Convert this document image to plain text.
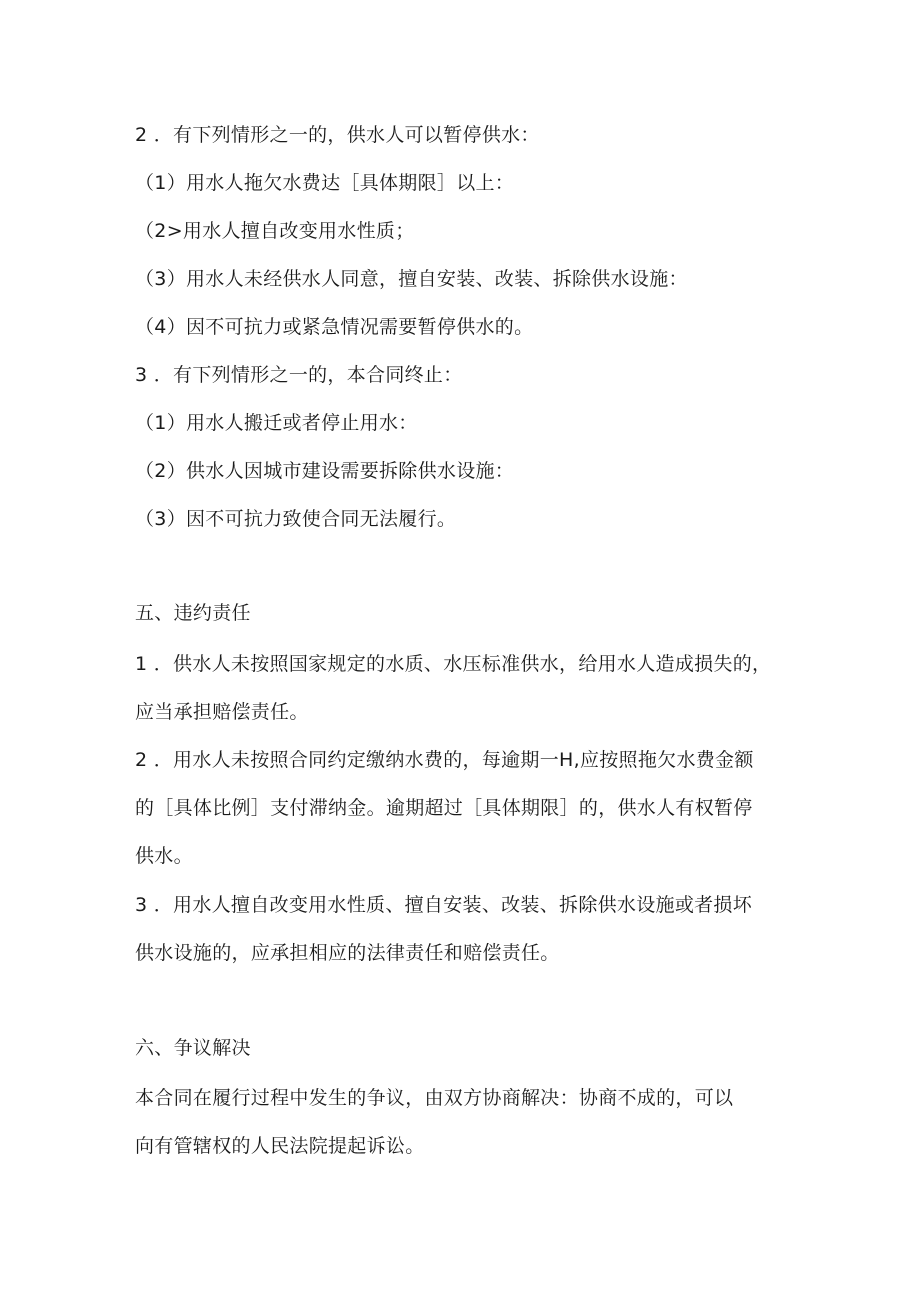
2 ．有下列情形之一的，供水人可以暂停供水：
（1）用水人拖欠水费达［具体期限］以上：
（2>用水人擅自改变用水性质；
（3）用水人未经供水人同意，擅自安装、改装、拆除供水设施：
（4）因不可抗力或紧急情况需要暂停供水的。
3 ．有下列情形之一的，本合同终止：
（1）用水人搬迁或者停止用水：
（2）供水人因城市建设需要拆除供水设施：
（3）因不可抗力致使合同无法履行。
五、违约责任
1 ．供水人未按照国家规定的水质、水压标准供水，给用水人造成损失的，
应当承担赔偿责任。
2 ．用水人未按照合同约定缴纳水费的，每逾期一H,应按照拖欠水费金额
的［具体比例］支付滞纳金。逾期超过［具体期限］的，供水人有权暂停
供水。
3 ．用水人擅自改变用水性质、擅自安装、改装、拆除供水设施或者损坏
供水设施的，应承担相应的法律责任和赔偿责任。
六、争议解决
本合同在履行过程中发生的争议，由双方协商解决：协商不成的，可以
向有管辖权的人民法院提起诉讼。
